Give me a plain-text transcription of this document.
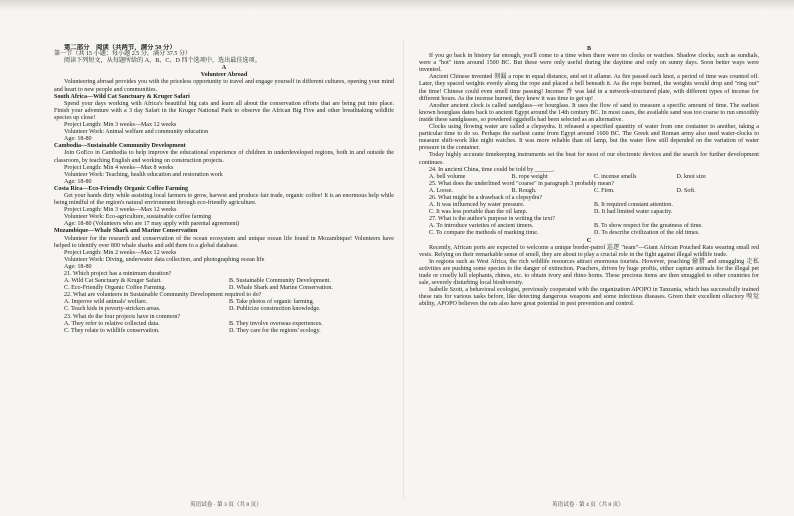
第二部分　阅读（共两节，满分 50 分）

第一节（共 15 小题；每小题 2.5 分，满分 37.5 分）

阅读下列短文，从每题所给的 A、B、C、D 四个选项中，选出最佳选项。

A

Volunteer Abroad

Volunteering abroad provides you with the priceless opportunity to travel and engage yourself in different cultures, opening your mind and heart to new people and communities.

South Africa—Wild Cat Sanctuary & Kruger Safari

Spend your days working with Africa's beautiful big cats and learn all about the conservation efforts that are being put into place. Finish your adventure with a 3 day Safari in the Kruger National Park to observe the African Big Five and other breathtaking wildlife species up close!

Project Length: Min 3 weeks—Max 12 weeks

Volunteer Work: Animal welfare and community education

Age: 18-80

Cambodia—Sustainable Community Development

Join GoEco in Cambodia to help improve the educational experience of children in underdeveloped regions, both in and outside the classroom, by teaching English and working on construction projects.

Project Length: Min 4 weeks—Max 8 weeks

Volunteer Work: Teaching, health education and restoration work

Age: 18-80

Costa Rica—Eco-Friendly Organic Coffee Farming

Get your hands dirty while assisting local farmers to grow, harvest and produce fair trade, organic coffee! It is an enormous help while being mindful of the region's natural environment through eco-friendly agriculture.

Project Length: Min 3 weeks—Max 12 weeks

Volunteer Work: Eco-agriculture, sustainable coffee farming

Age: 18-80 (Volunteers who are 17 may apply with parental agreement)

Mozambique—Whale Shark and Marine Conservation

Volunteer for the research and conservation of the ocean ecosystem and unique ocean life found in Mozambique! Volunteers have helped to identify over 800 whale sharks and add them to a global database.

Project Length: Min 2 weeks—Max 12 weeks

Volunteer Work: Diving, underwater data collection, and photographing ocean life

Age: 18-80

21. Which project has a minimum duration?

A. Wild Cat Sanctuary & Kruger Safari.	B. Sustainable Community Development.
C. Eco-Friendly Organic Coffee Farming.	D. Whale Shark and Marine Conservation.

22. What are volunteers in Sustainable Community Development required to do?

A. Improve wild animals' welfare.	B. Take photos of organic farming.
C. Teach kids in poverty-stricken areas.	D. Publicize construction knowledge.

23. What do the four projects have in common?

A. They refer to relative collected data.	B. They involve overseas experiences.
C. They relate to wildlife conservation.	D. They care for the regions' ecology.

B

If you go back in history far enough, you'll come to a time when there were no clocks or watches. Shadow clocks, such as sundials, were a "hot" item around 1500 BC. But these were only useful during the daytime and only on sunny days. Soon better ways were invented.

Ancient Chinese invented 刻漏 a rope in equal distance, and set it aflame. As fire passed each knot, a period of time was counted off. Later, they spaced weights evenly along the rope and placed a bell beneath it. As the rope burned, the weights would drop and "ring out" the time! Chinese could even smell time passing! Incense 香 was laid in a network-structured plate, with different types of incense for different hours. As the incense burned, they knew it was time to get up!

Another ancient clock is called sandglass—or hourglass. It uses the flow of sand to measure a specific amount of time. The earliest known hourglass dates back to ancient Egypt around the 14th century BC. In most cases, the available sand was too coarse to run smoothly inside these sandglasses, so powdered eggshells had been selected as an alternative.

Clocks using flowing water are called a clepsydra. It released a specified quantity of water from one container to another, taking a particular time to do so. Perhaps the earliest came from Egypt around 1600 BC. The Greek and Roman army also used water-clocks to measure shift-work like night watches. It was more reliable than oil lamp, but the water flow still depended on the variation of water pressure in the container.

Today highly accurate timekeeping instruments set the beat for most of our electronic devices and the search for further development continues.

24. In ancient China, time could be told by ______.

A. bell volume	B. rope weight	C. incense smells	D. knot size

25. What does the underlined word "coarse" in paragraph 3 probably mean?

A. Loose.	B. Rough.	C. Firm.	D. Soft.

26. What might be a drawback of a clepsydra?

A. It was influenced by water pressure.	B. It required constant attention.
C. It was less portable than the oil lamp.	D. It had limited water capacity.

27. What is the author's purpose in writing the text?

A. To introduce varieties of ancient timers.	B. To show respect for the greatness of time.
C. To compare the methods of marking time.	D. To describe civilization of the old times.

C

Recently, African ports are expected to welcome a unique border-patrol 巡逻 "team"—Giant African Pouched Rats wearing small red vests. Relying on their remarkable sense of smell, they are about to play a crucial role in the fight against illegal wildlife trade.

In regions such as West Africa, the rich wildlife resources attract enormous tourists. However, poaching 偷猎 and smuggling 走私 activities are pushing some species to the danger of extinction. Poachers, driven by huge profits, either capture animals for the illegal pet trade or cruelly kill elephants, rhinos, etc. to obtain ivory and rhino horns. These precious items are then smuggled to other countries for sale, severely disturbing local biodiversity.

Isabelle Szott, a behavioral ecologist, previously cooperated with the organization APOPO in Tanzania, which has successfully trained these rats for various tasks before, like detecting dangerous weapons and some infectious diseases. Given their excellent olfactory 嗅觉 ability, APOPO believes the rats also have great potential in pest prevention and control.

英语试卷 · 第 3 页（共 8 页）	英语试卷 · 第 4 页（共 8 页）
